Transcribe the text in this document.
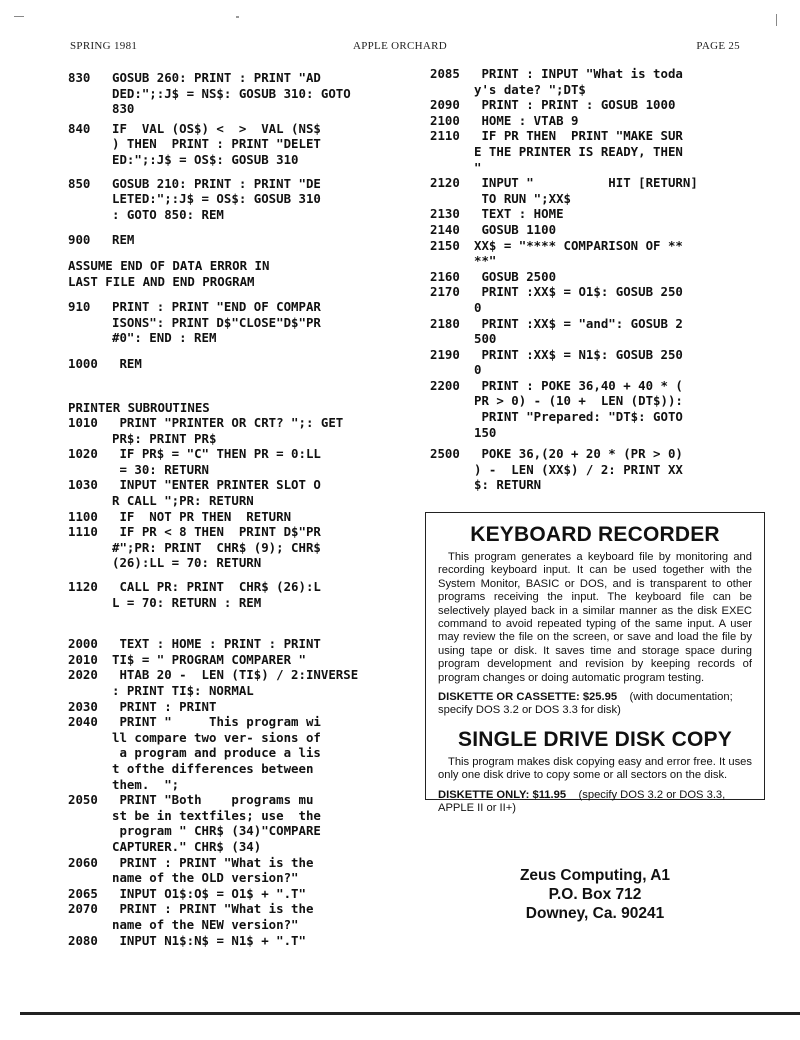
SPRING 1981	APPLE ORCHARD	PAGE 25
830	GOSUB 260: PRINT : PRINT "AD
DED:";:J$ = NS$: GOSUB 310: GOTO
830
840	IF  VAL (OS$) <  >  VAL (NS$
) THEN  PRINT : PRINT "DELET
ED:";:J$ = OS$: GOSUB 310
850	GOSUB 210: PRINT : PRINT "DE
LETED:";:J$ = OS$: GOSUB 310
: GOTO 850: REM
900	REM
ASSUME END OF DATA ERROR IN
LAST FILE AND END PROGRAM
910	PRINT : PRINT "END OF COMPAR
ISONS": PRINT D$"CLOSE"D$"PR
#0": END : REM
1000	REM
PRINTER SUBROUTINES
1010	PRINT "PRINTER OR CRT? ";: GET
PR$: PRINT PR$
1020	IF PR$ = "C" THEN PR = 0:LL
= 30: RETURN
1030	INPUT "ENTER PRINTER SLOT O
R CALL ";PR: RETURN
1100	IF  NOT PR THEN  RETURN
1110	IF PR < 8 THEN  PRINT D$"PR
#";PR: PRINT  CHR$ (9); CHR$
(26):LL = 70: RETURN
1120	CALL PR: PRINT  CHR$ (26):L
L = 70: RETURN : REM
2000	TEXT : HOME : PRINT : PRINT
2010	TI$ = " PROGRAM COMPARER "
2020	HTAB 20 -  LEN (TI$) / 2:INVERSE
: PRINT TI$: NORMAL
2030	PRINT : PRINT
2040	PRINT "     This program wi
ll compare two ver- sions of
a program and produce a lis
t ofthe differences between
them.  ";
2050	PRINT "Both    programs mu
st be in textfiles; use  the
program " CHR$ (34)"COMPARE
CAPTURER." CHR$ (34)
2060	PRINT : PRINT "What is the
name of the OLD version?"
2065	INPUT O1$:O$ = O1$ + ".T"
2070	PRINT : PRINT "What is the
name of the NEW version?"
2080	INPUT N1$:N$ = N1$ + ".T"
2085	PRINT : INPUT "What is toda
y's date? ";DT$
2090	PRINT : PRINT : GOSUB 1000
2100	HOME : VTAB 9
2110	IF PR THEN  PRINT "MAKE SUR
E THE PRINTER IS READY, THEN
"
2120	INPUT "          HIT [RETURN]
TO RUN ";XX$
2130	TEXT : HOME
2140	GOSUB 1100
2150	XX$ = "**** COMPARISON OF **
**"
2160	GOSUB 2500
2170	PRINT :XX$ = O1$: GOSUB 250
0
2180	PRINT :XX$ = "and": GOSUB 2
500
2190	PRINT :XX$ = N1$: GOSUB 250
0
2200	PRINT : POKE 36,40 + 40 * (
PR > 0) - (10 +  LEN (DT$)):
PRINT "Prepared: "DT$: GOTO
150
2500	POKE 36,(20 + 20 * (PR > 0)
) -  LEN (XX$) / 2: PRINT XX
$: RETURN
KEYBOARD RECORDER

This program generates a keyboard file by monitoring and recording keyboard input. It can be used together with the System Monitor, BASIC or DOS, and is transparent to other programs receiving the input. The keyboard file can be selectively played back in a similar manner as the disk EXEC command to avoid repeated typing of the same input. A user may review the file on the screen, or save and load the file by using tape or disk. It saves time and storage space during program development and revision by keeping records of program changes or doing automatic program testing.

DISKETTE OR CASSETTE: $25.95 (with documentation; specify DOS 3.2 or DOS 3.3 for disk)

SINGLE DRIVE DISK COPY

This program makes disk copying easy and error free. It uses only one disk drive to copy some or all sectors on the disk.

DISKETTE ONLY: $11.95 (specify DOS 3.2 or DOS 3.3, APPLE II or II+)

Zeus Computing, A1
P.O. Box 712
Downey, Ca. 90241
